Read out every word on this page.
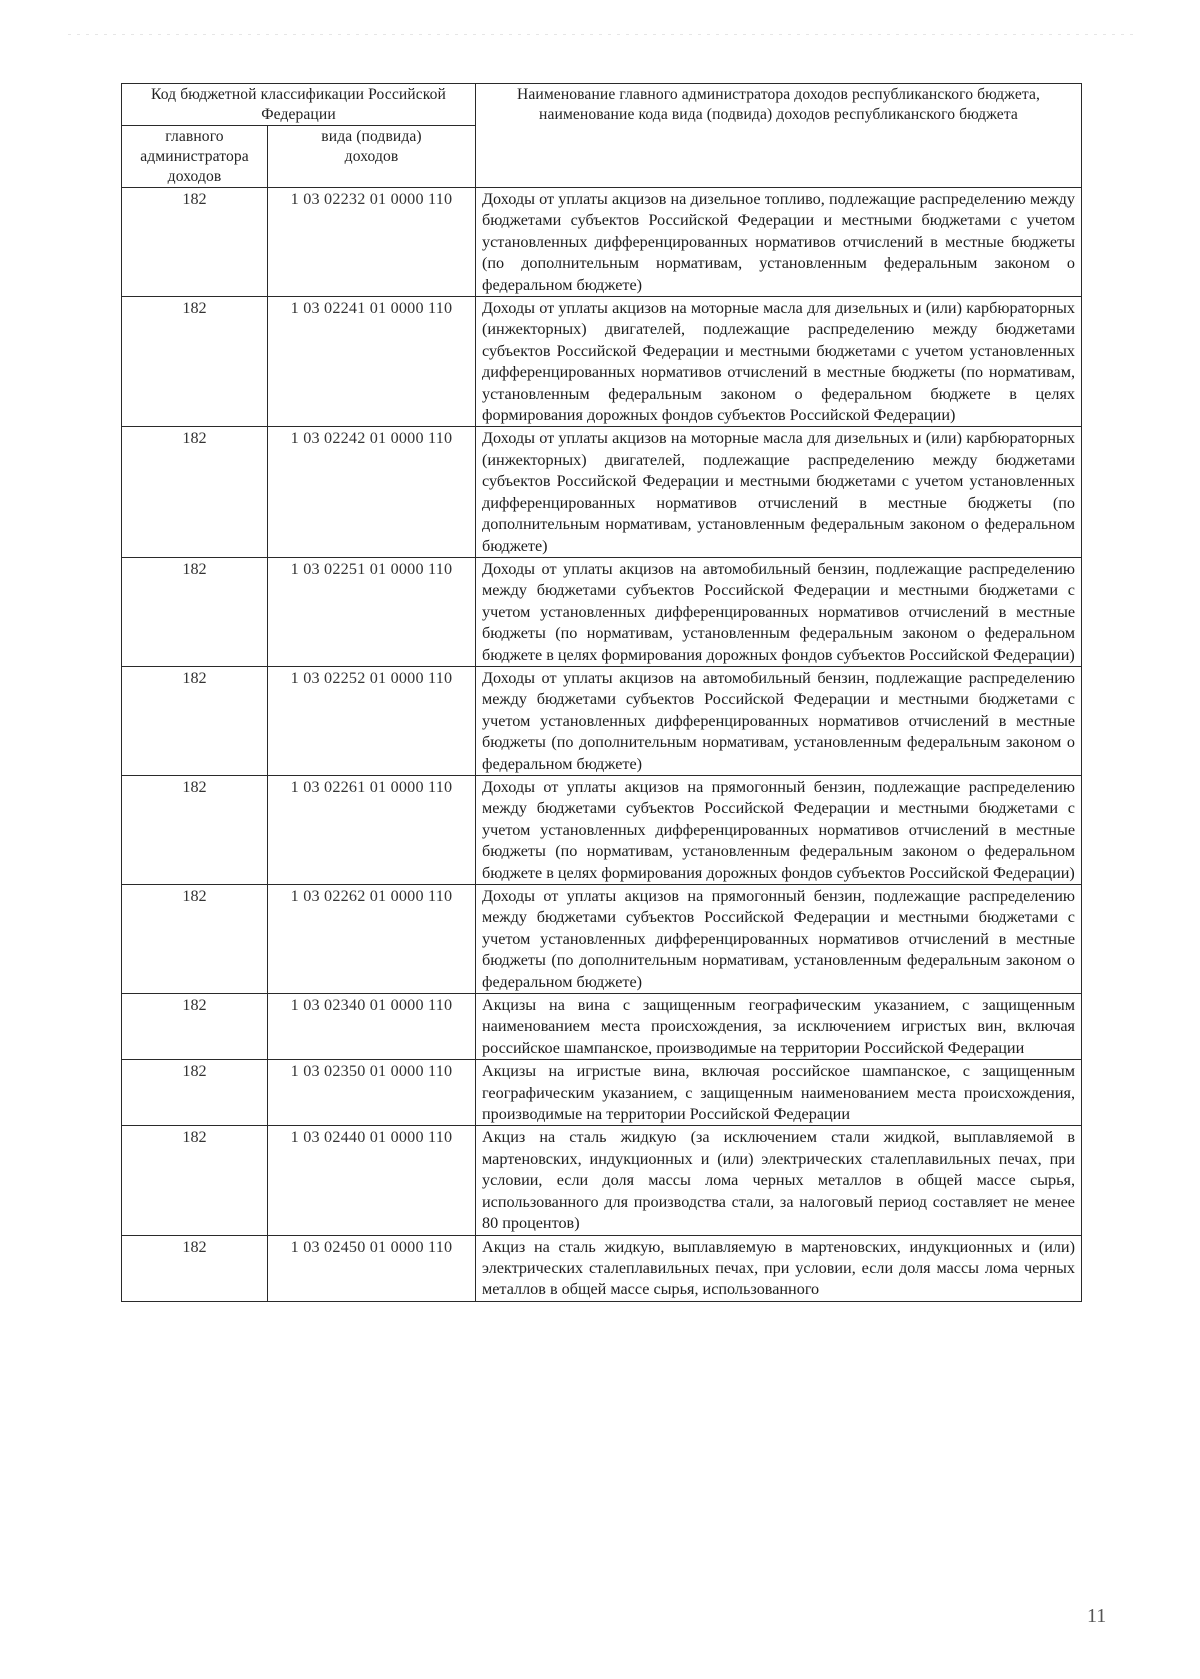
Код бюджетной классификации Российской Федерации		Наименование главного администратора доходов республиканского бюджета, наименование кода вида (подвида) доходов республиканского бюджета
главного администратора доходов	вида (подвида) доходов	
182	1 03 02232 01 0000 110	Доходы от уплаты акцизов на дизельное топливо, подлежащие распределению между бюджетами субъектов Российской Федерации и местными бюджетами с учетом установленных дифференцированных нормативов отчислений в местные бюджеты (по дополнительным нормативам, установленным федеральным законом о федеральном бюджете)
182	1 03 02241 01 0000 110	Доходы от уплаты акцизов на моторные масла для дизельных и (или) карбюраторных (инжекторных) двигателей, подлежащие распределению между бюджетами субъектов Российской Федерации и местными бюджетами с учетом установленных дифференцированных нормативов отчислений в местные бюджеты (по нормативам, установленным федеральным законом о федеральном бюджете в целях формирования дорожных фондов субъектов Российской Федерации)
182	1 03 02242 01 0000 110	Доходы от уплаты акцизов на моторные масла для дизельных и (или) карбюраторных (инжекторных) двигателей, подлежащие распределению между бюджетами субъектов Российской Федерации и местными бюджетами с учетом установленных дифференцированных нормативов отчислений в местные бюджеты (по дополнительным нормативам, установленным федеральным законом о федеральном бюджете)
182	1 03 02251 01 0000 110	Доходы от уплаты акцизов на автомобильный бензин, подлежащие распределению между бюджетами субъектов Российской Федерации и местными бюджетами с учетом установленных дифференцированных нормативов отчислений в местные бюджеты (по нормативам, установленным федеральным законом о федеральном бюджете в целях формирования дорожных фондов субъектов Российской Федерации)
182	1 03 02252 01 0000 110	Доходы от уплаты акцизов на автомобильный бензин, подлежащие распределению между бюджетами субъектов Российской Федерации и местными бюджетами с учетом установленных дифференцированных нормативов отчислений в местные бюджеты (по дополнительным нормативам, установленным федеральным законом о федеральном бюджете)
182	1 03 02261 01 0000 110	Доходы от уплаты акцизов на прямогонный бензин, подлежащие распределению между бюджетами субъектов Российской Федерации и местными бюджетами с учетом установленных дифференцированных нормативов отчислений в местные бюджеты (по нормативам, установленным федеральным законом о федеральном бюджете в целях формирования дорожных фондов субъектов Российской Федерации)
182	1 03 02262 01 0000 110	Доходы от уплаты акцизов на прямогонный бензин, подлежащие распределению между бюджетами субъектов Российской Федерации и местными бюджетами с учетом установленных дифференцированных нормативов отчислений в местные бюджеты (по дополнительным нормативам, установленным федеральным законом о федеральном бюджете)
182	1 03 02340 01 0000 110	Акцизы на вина с защищенным географическим указанием, с защищенным наименованием места происхождения, за исключением игристых вин, включая российское шампанское, производимые на территории Российской Федерации
182	1 03 02350 01 0000 110	Акцизы на игристые вина, включая российское шампанское, с защищенным географическим указанием, с защищенным наименованием места происхождения, производимые на территории Российской Федерации
182	1 03 02440 01 0000 110	Акциз на сталь жидкую (за исключением стали жидкой, выплавляемой в мартеновских, индукционных и (или) электрических сталеплавильных печах, при условии, если доля массы лома черных металлов в общей массе сырья, использованного для производства стали, за налоговый период составляет не менее 80 процентов)
182	1 03 02450 01 0000 110	Акциз на сталь жидкую, выплавляемую в мартеновских, индукционных и (или) электрических сталеплавильных печах, при условии, если доля массы лома черных металлов в общей массе сырья, использованного
11
